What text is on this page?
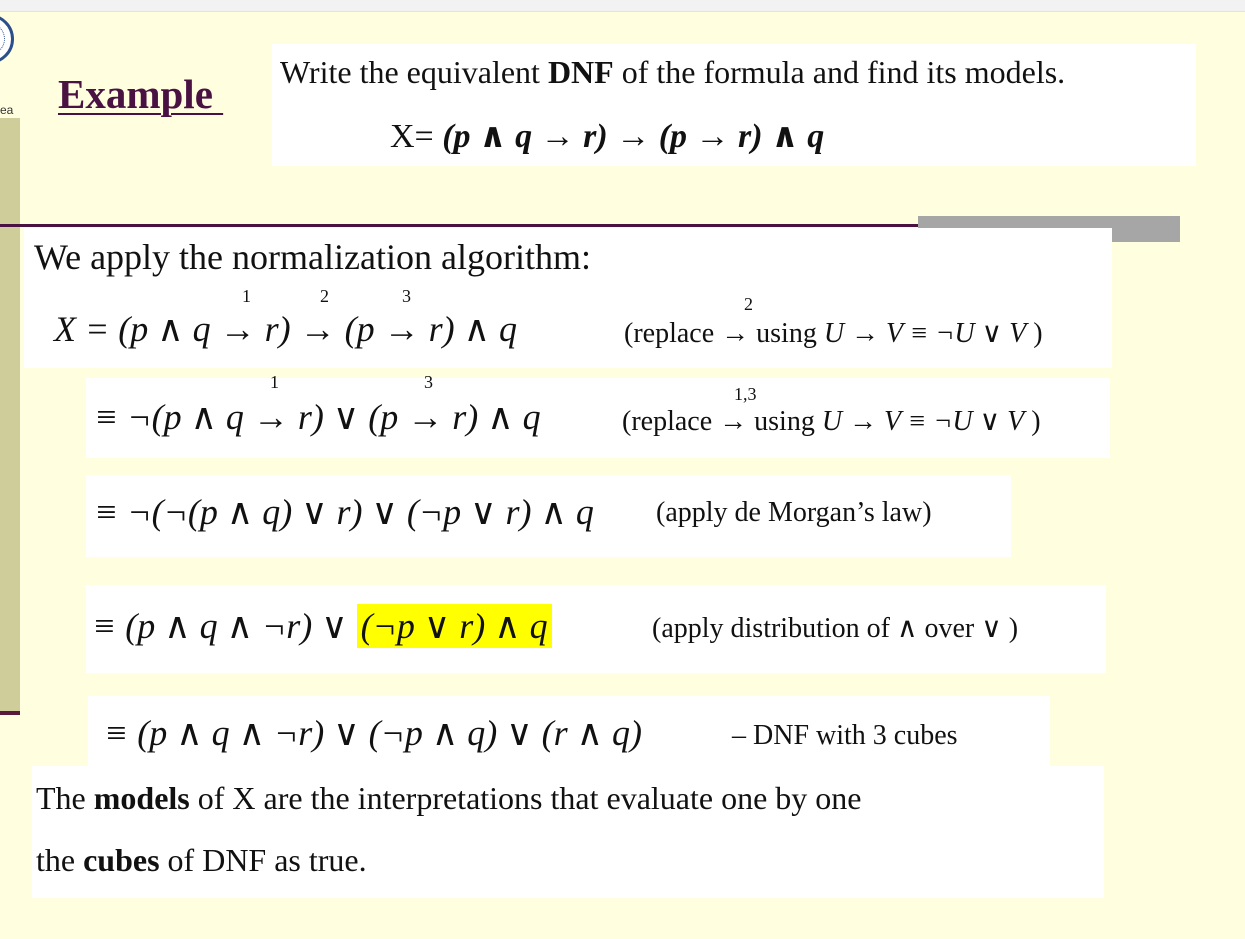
ea Example Write the equivalent DNF of the formula and find its models.
X= (p ∧ q → r) → (p → r) ∧ q
We apply the normalization algorithm:
1	2	3
X = (p ∧ q → r) → (p → r) ∧ q
2
(replace → using U → V ≡ ¬U ∨ V )
1	3
≡ ¬(p ∧ q → r) ∨ (p → r) ∧ q
1,3
(replace → using U → V ≡ ¬U ∨ V )
≡ ¬(¬(p ∧ q) ∨ r) ∨ (¬p ∨ r) ∧ q (apply de Morgan’s law)
≡ (p ∧ q ∧ ¬r) ∨ (¬p ∨ r) ∧ q	(apply distribution of ∧ over ∨ )
≡ (p ∧ q ∧ ¬r) ∨ (¬p ∧ q) ∨ (r ∧ q)	– DNF with 3 cubes
The models of X are the interpretations that evaluate one by one
the cubes of DNF as true.
